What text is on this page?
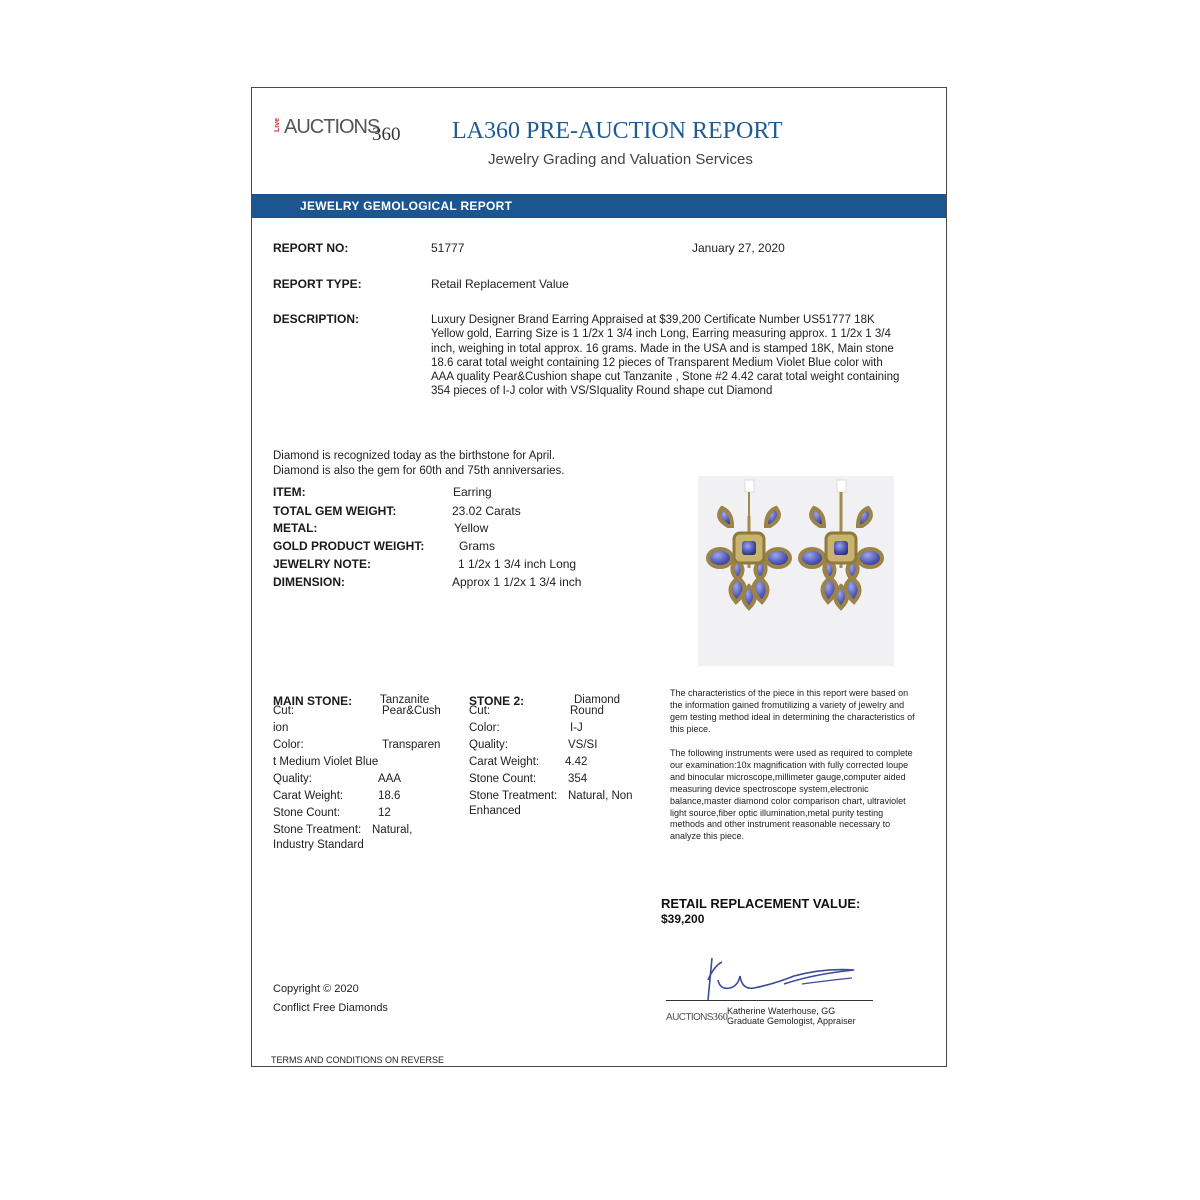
Live AUCTIONS
360 LA360 PRE-AUCTION REPORT
Jewelry Grading and Valuation Services
JEWELRY GEMOLOGICAL REPORT
REPORT NO:	51777	January 27, 2020
REPORT TYPE:	Retail Replacement Value
DESCRIPTION:	Luxury Designer Brand Earring Appraised at $39,200 Certificate Number US51777 18K Yellow gold, Earring Size is 1 1/2x 1 3/4 inch Long, Earring measuring approx. 1 1/2x 1 3/4 inch, weighing in total approx. 16 grams. Made in the USA and is stamped 18K, Main stone 18.6 carat total weight containing 12 pieces of Transparent Medium Violet Blue color with AAA quality Pear&Cushion shape cut Tanzanite , Stone #2 4.42 carat total weight containing 354 pieces of I-J color with VS/SIquality Round shape cut Diamond
Diamond is recognized today as the birthstone for April.
Diamond is also the gem for 60th and 75th anniversaries.
ITEM:	Earring
TOTAL GEM WEIGHT:	23.02 Carats
METAL:	Yellow
GOLD PRODUCT WEIGHT:	Grams
JEWELRY NOTE:	1 1/2x 1 3/4 inch Long
DIMENSION:	Approx 1 1/2x 1 3/4 inch
MAIN STONE: Tanzanite
Cut:	Pear&Cush
ion
Color:	Transparen
t Medium Violet Blue
Quality:	AAA
Carat Weight:	18.6
Stone Count:	12
Stone Treatment: Natural,
Industry Standard
STONE 2:	Diamond
Cut:	Round
Color:	I-J
Quality:	VS/SI
Carat Weight: 4.42
Stone Count:	354
Stone Treatment: Natural, Non
Enhanced
The characteristics of the piece in this report were based on the information gained fromutilizing a variety of jewelry and gem testing method ideal in determining the characteristics of this piece.
The following instruments were used as required to complete our examination:10x magnification with fully corrected loupe and binocular microscope,millimeter gauge,computer aided measuring device spectroscope system,electronic balance,master diamond color comparison chart, ultraviolet light source,fiber optic illumination,metal purity testing methods and other instrument reasonable necessary to analyze this piece.
RETAIL REPLACEMENT VALUE:
$39,200
AUCTIONS360
Katherine Waterhouse, GG
Graduate Gemologist, Appraiser
Copyright © 2020
Conflict Free Diamonds
TERMS AND CONDITIONS ON REVERSE
